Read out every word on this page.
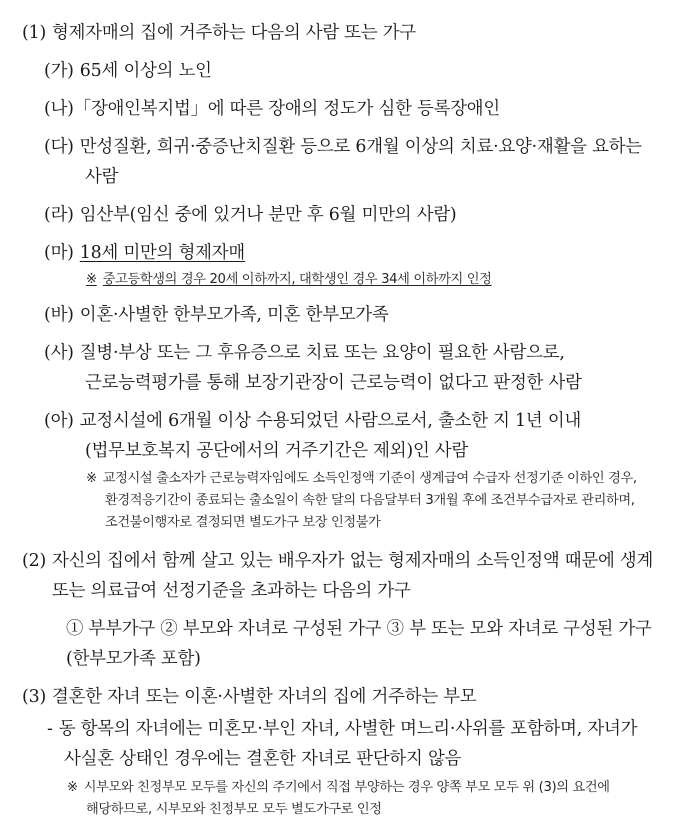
(1) 형제자매의 집에 거주하는 다음의 사람 또는 가구

(가) 65세 이상의 노인

(나)「장애인복지법」에 따른 장애의 정도가 심한 등록장애인

(다) 만성질환, 희귀·중증난치질환 등으로 6개월 이상의 치료·요양·재활을 요하는 사람

(라) 임산부(임신 중에 있거나 분만 후 6월 미만의 사람)

(마) 18세 미만의 형제자매

※ 중고등학생의 경우 20세 이하까지, 대학생인 경우 34세 이하까지 인정

(바) 이혼·사별한 한부모가족, 미혼 한부모가족

(사) 질병·부상 또는 그 후유증으로 치료 또는 요양이 필요한 사람으로, 근로능력평가를 통해 보장기관장이 근로능력이 없다고 판정한 사람

(아) 교정시설에 6개월 이상 수용되었던 사람으로서, 출소한 지 1년 이내(법무보호복지 공단에서의 거주기간은 제외)인 사람

※ 교정시설 출소자가 근로능력자임에도 소득인정액 기준이 생계급여 수급자 선정기준 이하인 경우, 환경적응기간이 종료되는 출소일이 속한 달의 다음달부터 3개월 후에 조건부수급자로 관리하며, 조건불이행자로 결정되면 별도가구 보장 인정불가

(2) 자신의 집에서 함께 살고 있는 배우자가 없는 형제자매의 소득인정액 때문에 생계 또는 의료급여 선정기준을 초과하는 다음의 가구

① 부부가구 ② 부모와 자녀로 구성된 가구 ③ 부 또는 모와 자녀로 구성된 가구(한부모가족 포함)

(3) 결혼한 자녀 또는 이혼·사별한 자녀의 집에 거주하는 부모

- 동 항목의 자녀에는 미혼모·부인 자녀, 사별한 며느리·사위를 포함하며, 자녀가 사실혼 상태인 경우에는 결혼한 자녀로 판단하지 않음

※ 시부모와 친정부모 모두를 자신의 주기에서 직접 부양하는 경우 양쪽 부모 모두 위 (3)의 요건에 해당하므로, 시부모와 친정부모 모두 별도가구로 인정
